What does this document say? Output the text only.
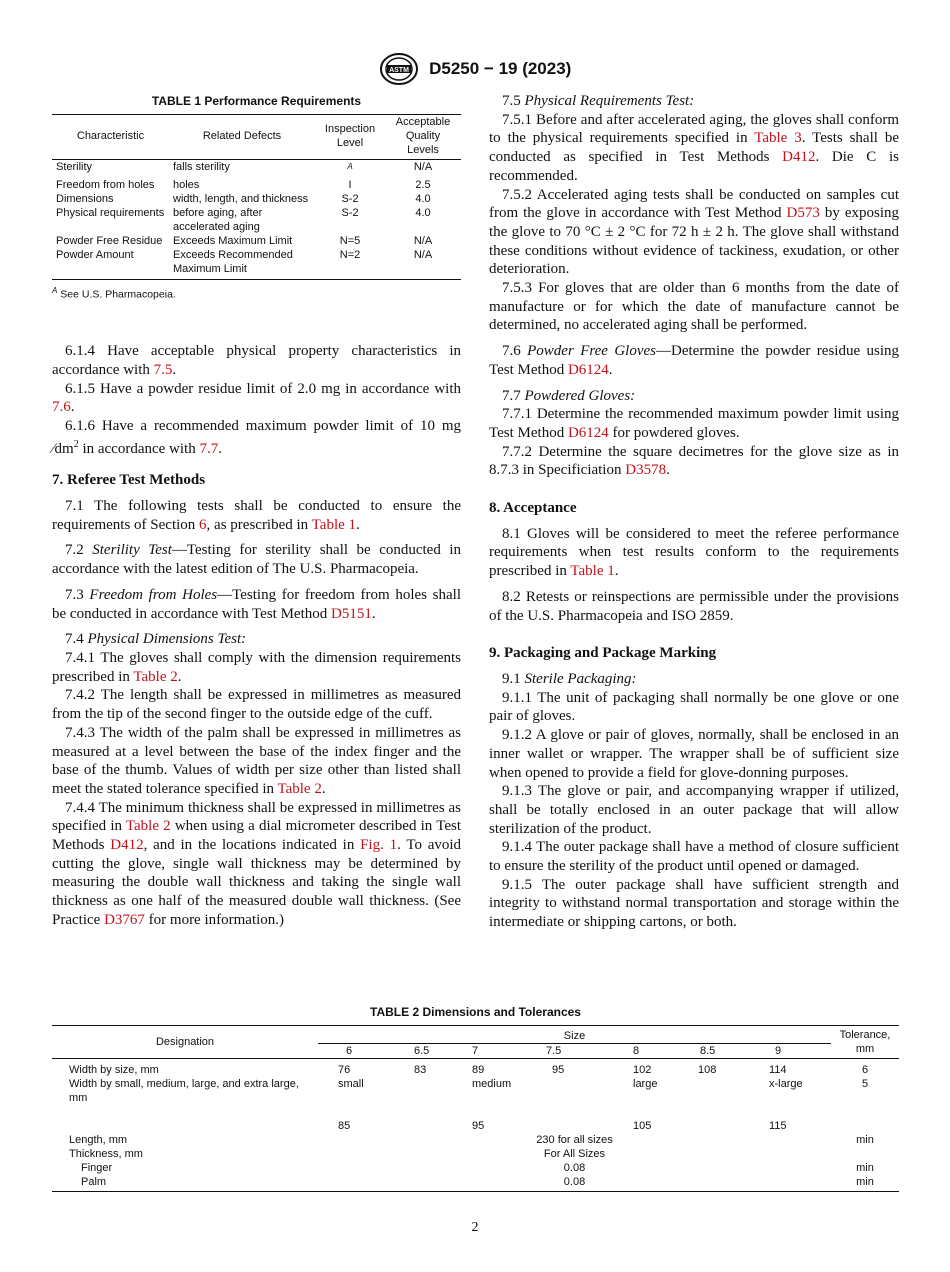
ASTM D5250 − 19 (2023)
TABLE 1 Performance Requirements
Characteristic	Related Defects	Inspection Level	Acceptable Quality Levels
Sterility	falls sterility	$^A$	N/A
Freedom from holes	holes	I	2.5
Dimensions	width, length, and thickness	S-2	4.0
Physical requirements	before aging, after accelerated aging	S-2	4.0
Powder Free Residue	Exceeds Maximum Limit	N=5	N/A
Powder Amount	Exceeds Recommended Maximum Limit	N=2	N/A
$^A$ See U.S. Pharmacopeia.

6.1.4 Have acceptable physical property characteristics in accordance with 7.5.

6.1.5 Have a powder residue limit of 2.0 mg in accordance with 7.6.

6.1.6 Have a recommended maximum powder limit of 10 mg $⁄dm^2$ in accordance with 7.7.

7. Referee Test Methods

7.1 The following tests shall be conducted to ensure the requirements of Section 6, as prescribed in Table 1.

7.2 Sterility Test—Testing for sterility shall be conducted in accordance with the latest edition of The U.S. Pharmacopeia.

7.3 Freedom from Holes—Testing for freedom from holes shall be conducted in accordance with Test Method D5151.

7.4 Physical Dimensions Test:

7.4.1 The gloves shall comply with the dimension requirements prescribed in Table 2.

7.4.2 The length shall be expressed in millimetres as measured from the tip of the second finger to the outside edge of the cuff.

7.4.3 The width of the palm shall be expressed in millimetres as measured at a level between the base of the index finger and the base of the thumb. Values of width per size other than listed shall meet the stated tolerance specified in Table 2.

7.4.4 The minimum thickness shall be expressed in millimetres as specified in Table 2 when using a dial micrometer described in Test Methods D412, and in the locations indicated in Fig. 1. To avoid cutting the glove, single wall thickness may be determined by measuring the double wall thickness and taking the single wall thickness as one half of the measured double wall thickness. (See Practice D3767 for more information.)

7.5 Physical Requirements Test:

7.5.1 Before and after accelerated aging, the gloves shall conform to the physical requirements specified in Table 3. Tests shall be conducted as specified in Test Methods D412. Die C is recommended.

7.5.2 Accelerated aging tests shall be conducted on samples cut from the glove in accordance with Test Method D573 by exposing the glove to 70 °C ± 2 °C for 72 h ± 2 h. The glove shall withstand these conditions without evidence of tackiness, exudation, or other deterioration.

7.5.3 For gloves that are older than 6 months from the date of manufacture or for which the date of manufacture cannot be determined, no accelerated aging shall be performed.

7.6 Powder Free Gloves—Determine the powder residue using Test Method D6124.

7.7 Powdered Gloves:

7.7.1 Determine the recommended maximum powder limit using Test Method D6124 for powdered gloves.

7.7.2 Determine the square decimetres for the glove size as in 8.7.3 in Specificiation D3578.

8. Acceptance

8.1 Gloves will be considered to meet the referee performance requirements when test results conform to the requirements prescribed in Table 1.

8.2 Retests or reinspections are permissible under the provisions of the U.S. Pharmacopeia and ISO 2859.

9. Packaging and Package Marking

9.1 Sterile Packaging:

9.1.1 The unit of packaging shall normally be one glove or one pair of gloves.

9.1.2 A glove or pair of gloves, normally, shall be enclosed in an inner wallet or wrapper. The wrapper shall be of sufficient size when opened to provide a field for glove-donning purposes.

9.1.3 The glove or pair, and accompanying wrapper if utilized, shall be totally enclosed in an outer package that will allow sterilization of the product.

9.1.4 The outer package shall have a method of closure sufficient to ensure the sterility of the product until opened or damaged.

9.1.5 The outer package shall have sufficient strength and integrity to withstand normal transportation and storage within the intermediate or shipping cartons, or both.

TABLE 2 Dimensions and Tolerances
Designation	Size							Tolerance, mm
	6	6.5	7	7.5	8	8.5	9	
Width by size, mm	76	83	89	95	102	108	114	6
Width by small, medium, large, and extra large, mm	small		medium		large		x-large	5
	85		95		105		115	
Length, mm	230 for all sizes							min
Thickness, mm	For All Sizes							
Finger	0.08							min
Palm	0.08							min
2
